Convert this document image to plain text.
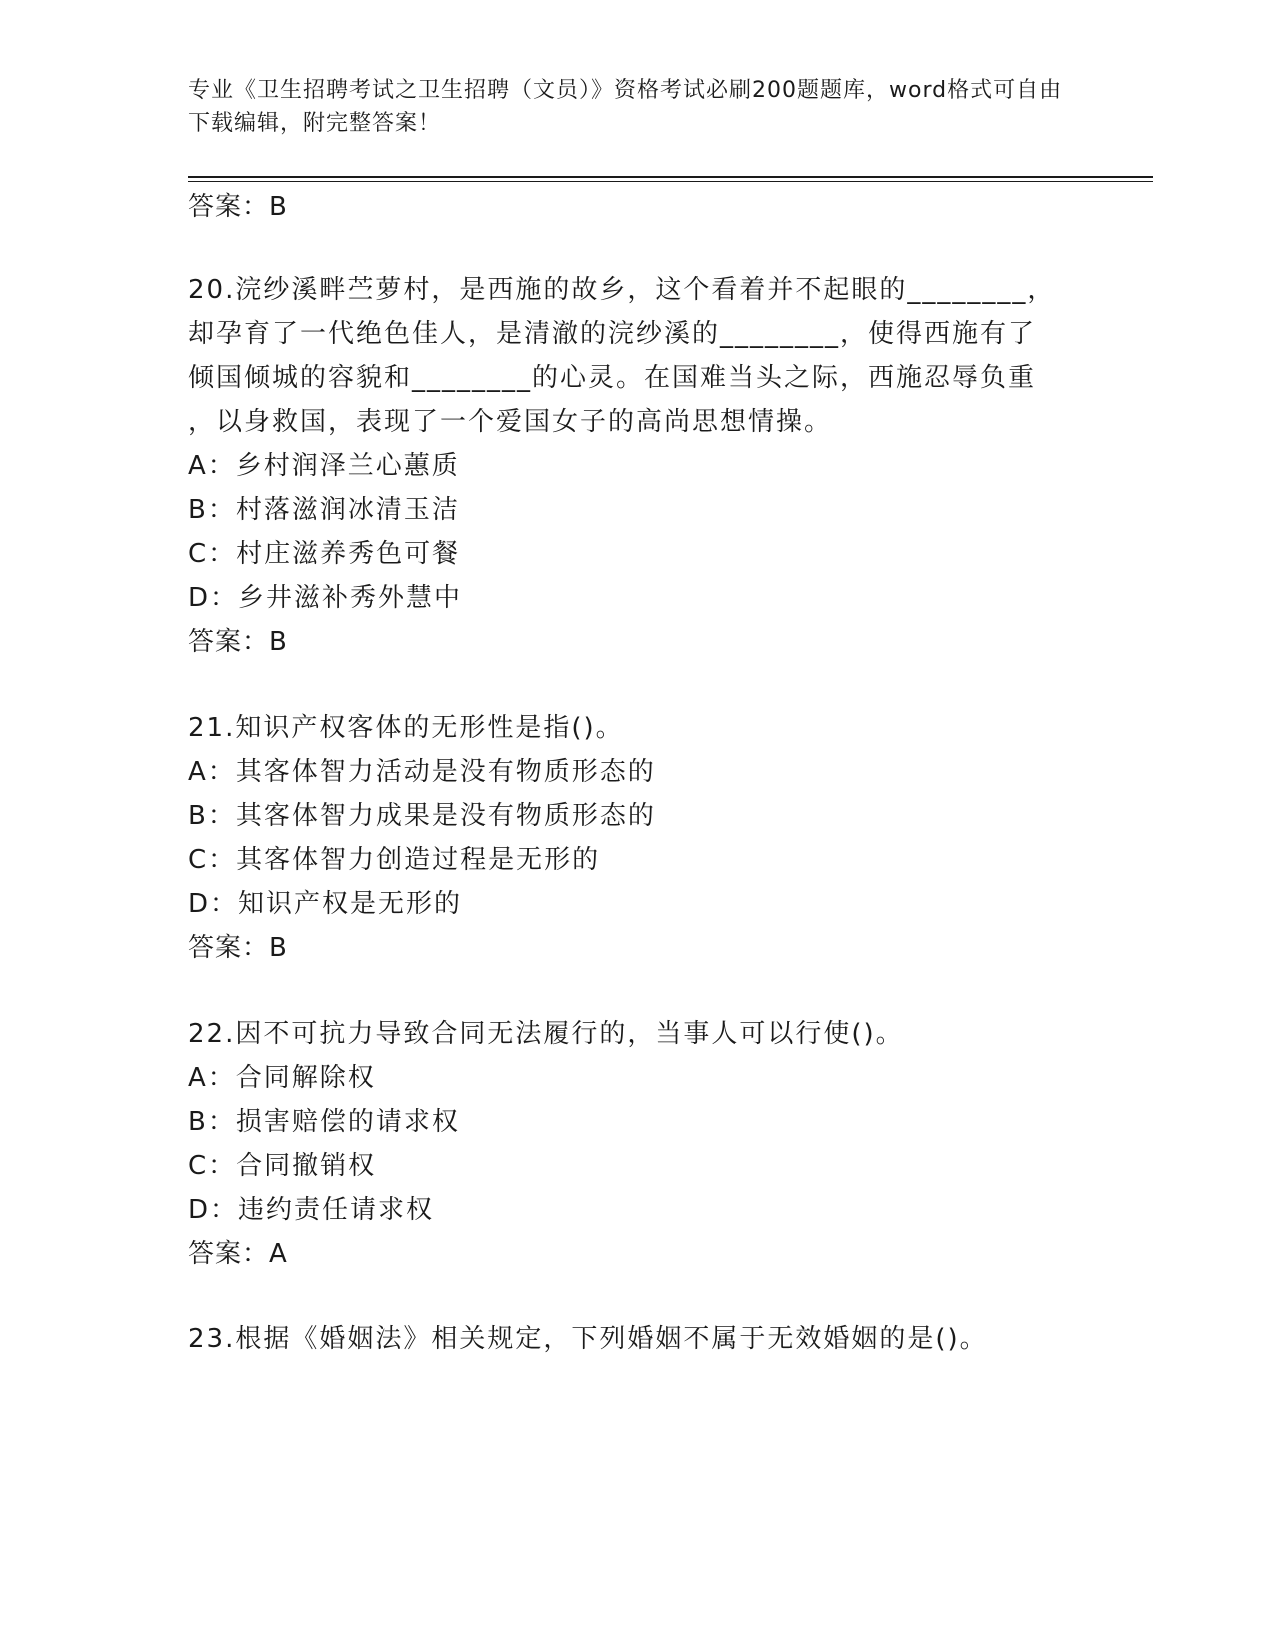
专业《卫生招聘考试之卫生招聘（文员）》资格考试必刷200题题库，word格式可自由下载编辑，附完整答案！
答案：B
20.浣纱溪畔苎萝村，是西施的故乡，这个看着并不起眼的________，
却孕育了一代绝色佳人，是清澈的浣纱溪的________，使得西施有了
倾国倾城的容貌和________的心灵。在国难当头之际，西施忍辱负重
，以身救国，表现了一个爱国女子的高尚思想情操。
A：乡村润泽兰心蕙质
B：村落滋润冰清玉洁
C：村庄滋养秀色可餐
D：乡井滋补秀外慧中
答案：B
21.知识产权客体的无形性是指()。
A：其客体智力活动是没有物质形态的
B：其客体智力成果是没有物质形态的
C：其客体智力创造过程是无形的
D：知识产权是无形的
答案：B
22.因不可抗力导致合同无法履行的，当事人可以行使()。
A：合同解除权
B：损害赔偿的请求权
C：合同撤销权
D：违约责任请求权
答案：A
23.根据《婚姻法》相关规定，下列婚姻不属于无效婚姻的是()。
